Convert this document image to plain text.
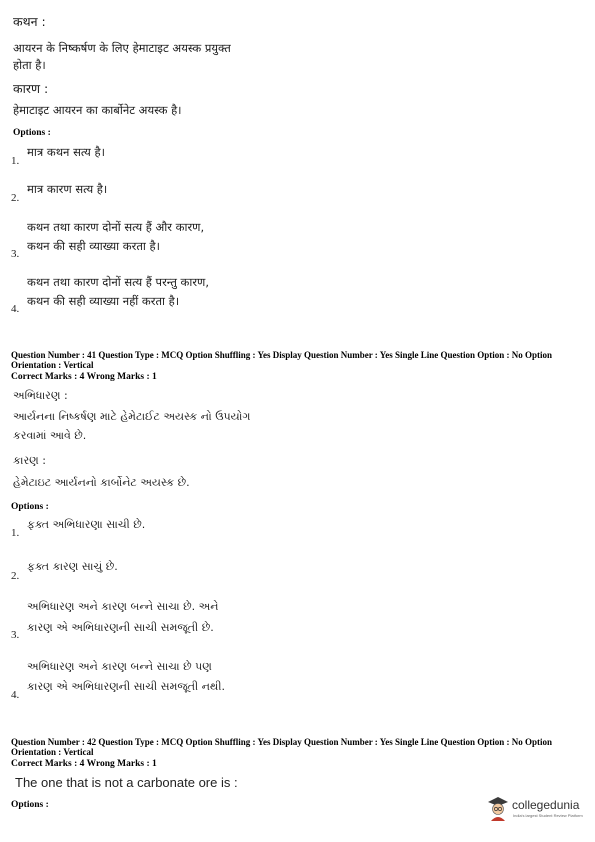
कथन :
आयरन के निष्कर्षण के लिए हेमाटाइट अयस्क प्रयुक्त
होता है।
कारण :
हेमाटाइट आयरन का कार्बोनेट अयस्क है।
Options :
1.
मात्र कथन सत्य है।
2.
मात्र कारण सत्य है।
कथन तथा कारण दोनों सत्य हैं और कारण,
3.
कथन की सही व्याख्या करता है।
कथन तथा कारण दोनों सत्य हैं परन्तु कारण,
4.
कथन की सही व्याख्या नहीं करता है।
Question Number : 41 Question Type : MCQ Option Shuffling : Yes Display Question Number : Yes Single Line Question Option : No Option Orientation : Vertical
Correct Marks : 4 Wrong Marks : 1
અભિધારણ :
આર્યનના નિષ્કર્ષણ માટે હેમેટાઈટ અયસ્ક નો ઉપયોગ
કરવામાં આવે છે.
કારણ :
હેમેટાઇટ આર્યનનો કાર્બોનેટ અયસ્ક છે.
Options :
1.
ફક્ત અભિધારણા સાચી છે.
2.
ફક્ત કારણ સાચું છે.
અભિધારણ અને કારણ બન્ને સાચા છે. અને
3.
કારણ એ અભિધારણની સાચી સમજૂતી છે.
અભિધારણ અને કારણ બન્ને સાચા છે પણ
4.
કારણ એ અભિધારણની સાચી સમજૂતી નથી.
Question Number : 42 Question Type : MCQ Option Shuffling : Yes Display Question Number : Yes Single Line Question Option : No Option Orientation : Vertical
Correct Marks : 4 Wrong Marks : 1
The one that is not a carbonate ore is :
Options :	collegedunia
India's largest Student Review Platform
